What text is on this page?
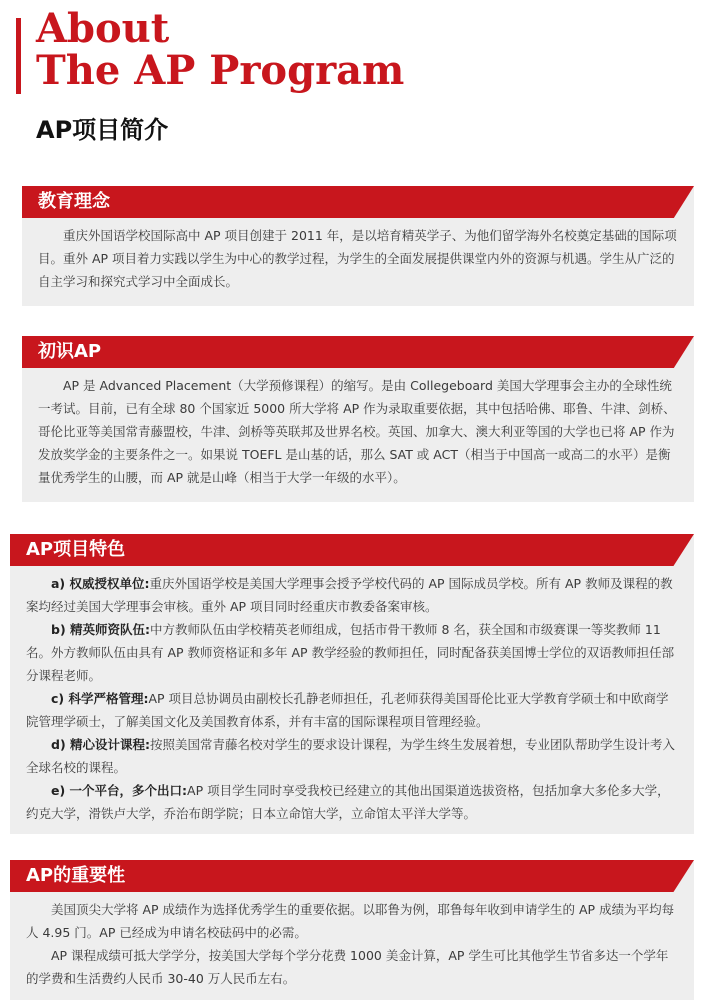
About
The AP Program
AP项目简介
教育理念

重庆外国语学校国际高中 AP 项目创建于 2011 年，是以培育精英学子、为他们留学海外名校奠定基础的国际项目。重外 AP 项目着力实践以学生为中心的教学过程，为学生的全面发展提供课堂内外的资源与机遇。学生从广泛的自主学习和探究式学习中全面成长。

初识AP

AP 是 Advanced Placement（大学预修课程）的缩写。是由 Collegeboard 美国大学理事会主办的全球性统一考试。目前，已有全球 80 个国家近 5000 所大学将 AP 作为录取重要依据，其中包括哈佛、耶鲁、牛津、剑桥、哥伦比亚等美国常青藤盟校，牛津、剑桥等英联邦及世界名校。英国、加拿大、澳大利亚等国的大学也已将 AP 作为发放奖学金的主要条件之一。如果说 TOEFL 是山基的话，那么 SAT 或 ACT（相当于中国高一或高二的水平）是衡量优秀学生的山腰，而 AP 就是山峰（相当于大学一年级的水平）。

AP项目特色

a) 权威授权单位:重庆外国语学校是美国大学理事会授予学校代码的 AP 国际成员学校。所有 AP 教师及课程的教案均经过美国大学理事会审核。重外 AP 项目同时经重庆市教委备案审核。

b) 精英师资队伍:中方教师队伍由学校精英老师组成，包括市骨干教师 8 名，获全国和市级赛课一等奖教师 11 名。外方教师队伍由具有 AP 教师资格证和多年 AP 教学经验的教师担任，同时配备获美国博士学位的双语教师担任部分课程老师。

c) 科学严格管理:AP 项目总协调员由副校长孔静老师担任，孔老师获得美国哥伦比亚大学教育学硕士和中欧商学院管理学硕士，了解美国文化及美国教育体系，并有丰富的国际课程项目管理经验。

d) 精心设计课程:按照美国常青藤名校对学生的要求设计课程，为学生终生发展着想，专业团队帮助学生设计考入全球名校的课程。

e) 一个平台，多个出口:AP 项目学生同时享受我校已经建立的其他出国渠道选拔资格，包括加拿大多伦多大学，约克大学，滑铁卢大学，乔治布朗学院；日本立命馆大学，立命馆太平洋大学等。

AP的重要性

美国顶尖大学将 AP 成绩作为选择优秀学生的重要依据。以耶鲁为例，耶鲁每年收到申请学生的 AP 成绩为平均每人 4.95 门。AP 已经成为申请名校砝码中的必需。

AP 课程成绩可抵大学学分，按美国大学每个学分花费 1000 美金计算，AP 学生可比其他学生节省多达一个学年的学费和生活费约人民币 30-40 万人民币左右。
